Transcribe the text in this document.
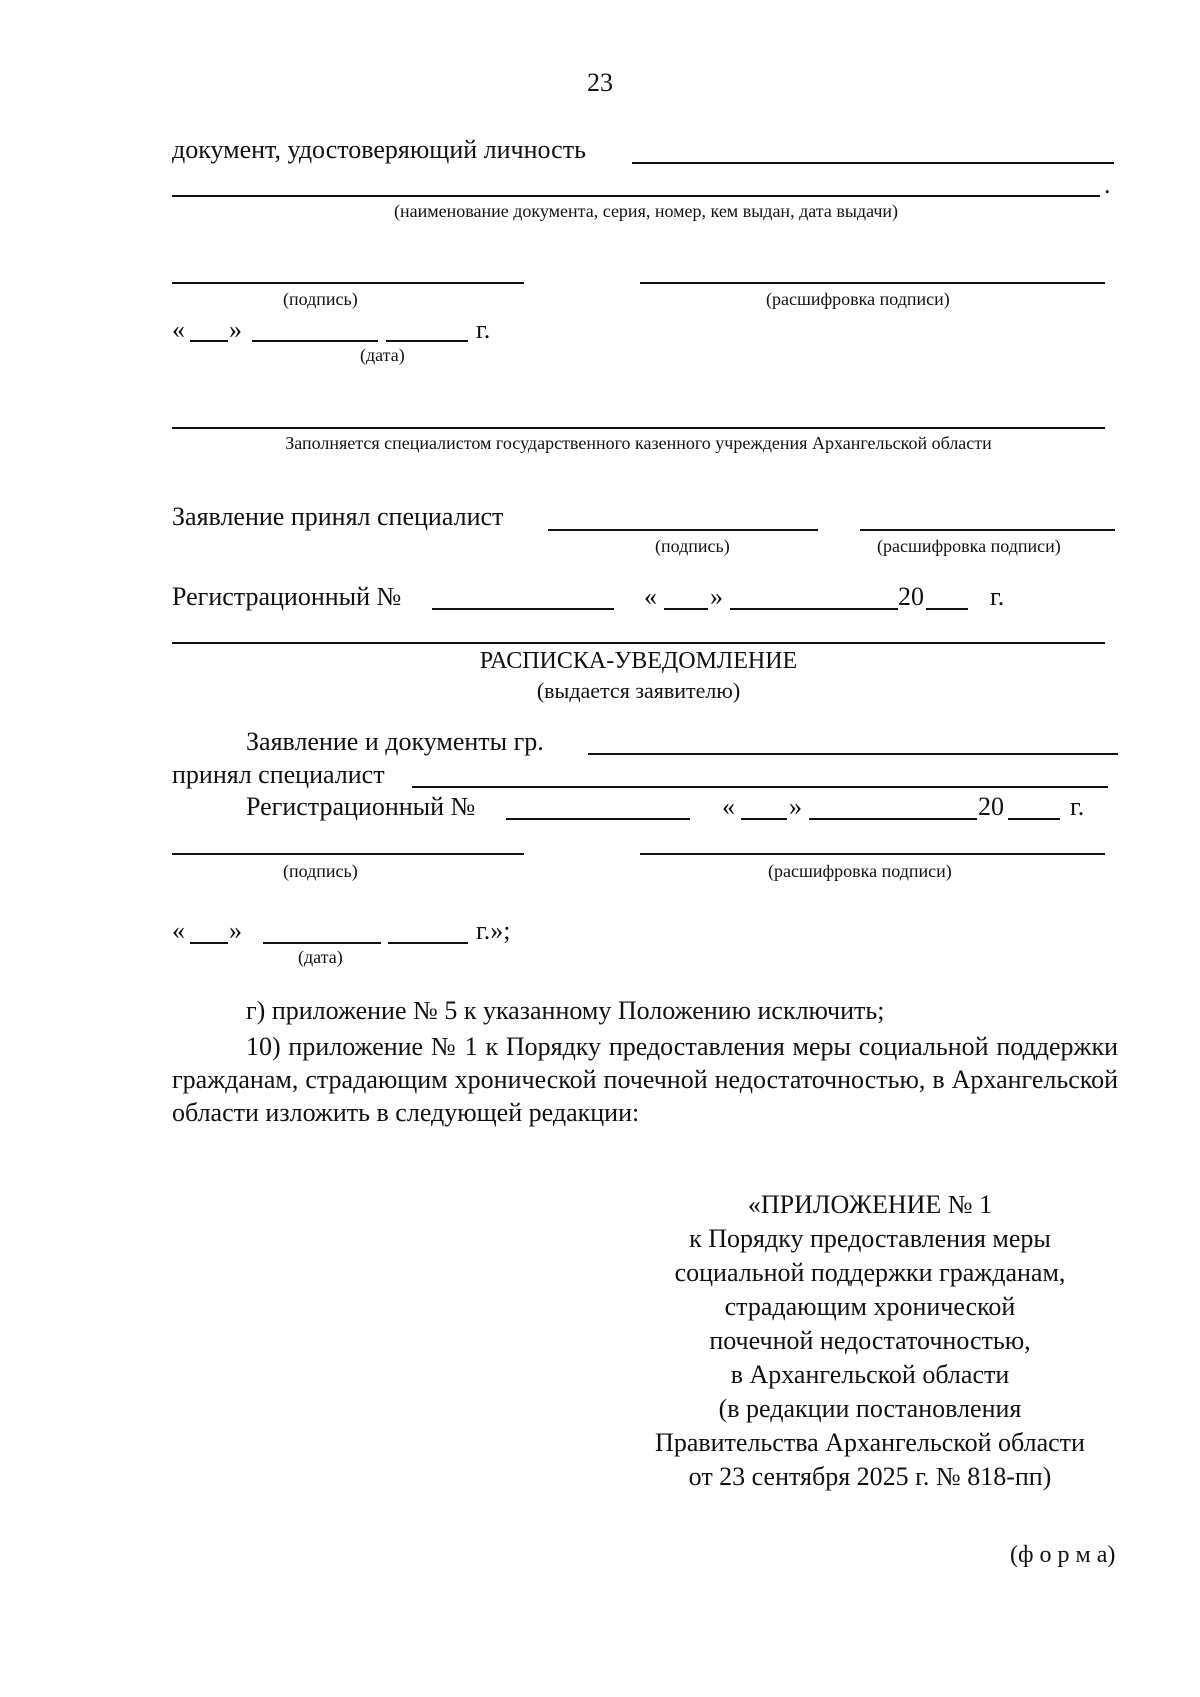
23
документ, удостоверяющий личность
.
(наименование документа, серия, номер, кем выдан, дата выдачи)
(подпись)	(расшифровка подписи)
« »	г.
(дата)
Заполняется специалистом государственного казенного учреждения Архангельской области
Заявление принял специалист
(подпись)	(расшифровка подписи)
Регистрационный №	« »	20	г.
РАСПИСКА-УВЕДОМЛЕНИЕ
(выдается заявителю)
Заявление и документы гр.
принял специалист
Регистрационный №	« »	20	г.
(подпись)	(расшифровка подписи)
« »	г.»;
(дата)
г) приложение № 5 к указанному Положению исключить;
10) приложение № 1 к Порядку предоставления меры социальной поддержки гражданам, страдающим хронической почечной недостаточностью, в Архангельской области изложить в следующей редакции:
«ПРИЛОЖЕНИЕ № 1
к Порядку предоставления меры
социальной поддержки гражданам,
страдающим хронической
почечной недостаточностью,
в Архангельской области
(в редакции постановления
Правительства Архангельской области
от 23 сентября 2025 г. № 818-пп)
(ф о р м а)
